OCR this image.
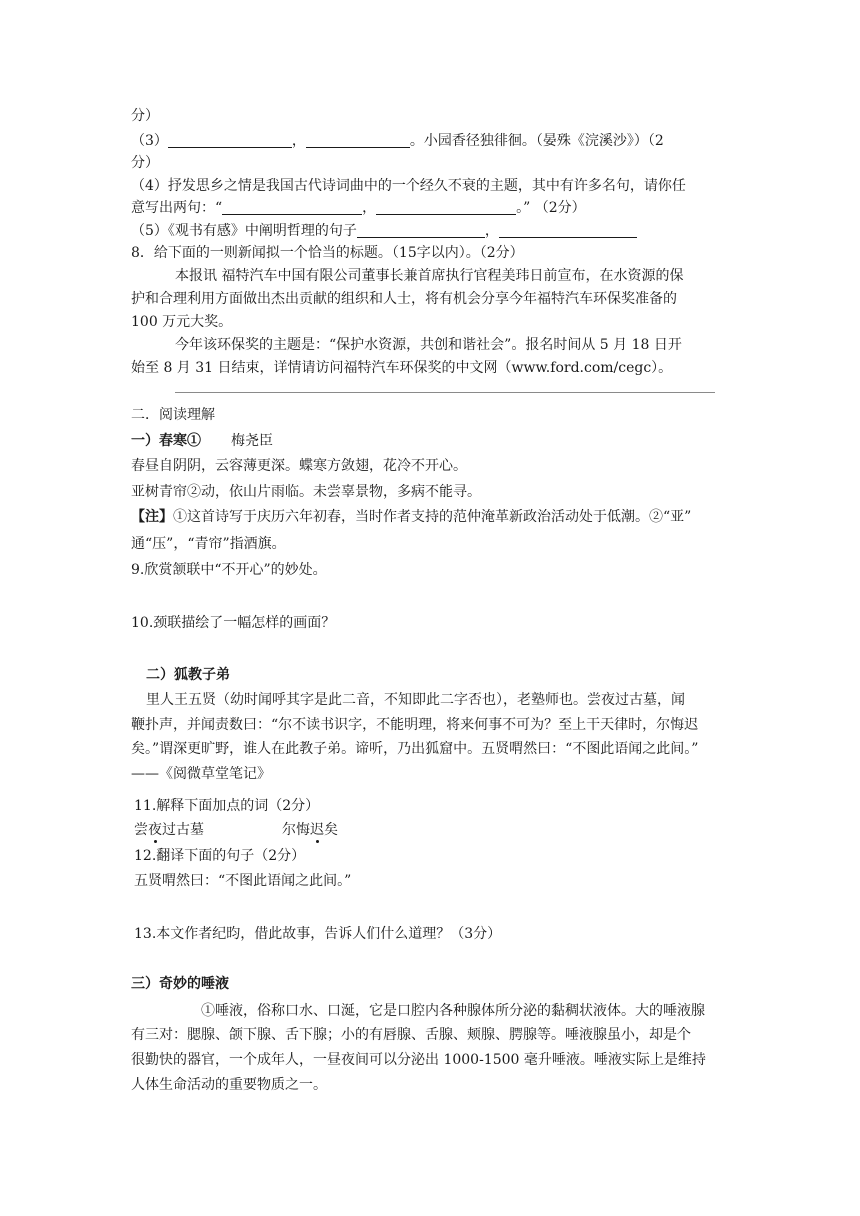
分）
（3）	，	。小园香径独徘徊。（晏殊《浣溪沙》）（2
分）
（4）抒发思乡之情是我国古代诗词曲中的一个经久不衰的主题，其中有许多名句，请你任
意写出两句：“	，	。” （2分）
（5）《观书有感》中阐明哲理的句子	，
8．给下面的一则新闻拟一个恰当的标题。（15字以内）。（2分）
本报讯 福特汽车中国有限公司董事长兼首席执行官程美玮日前宣布，在水资源的保
护和合理利用方面做出杰出贡献的组织和人士，将有机会分享今年福特汽车环保奖准备的
100 万元大奖。
今年该环保奖的主题是：“保护水资源，共创和谐社会”。报名时间从 5 月 18 日开
始至 8 月 31 日结束，详情请访问福特汽车环保奖的中文网（www.ford.com/cegc）。
二．阅读理解
一）春寒① 梅尧臣
春昼自阴阴，云容薄更深。蝶寒方敛翅，花冷不开心。
亚树青帘②动，依山片雨临。未尝辜景物，多病不能寻。
【注】①这首诗写于庆历六年初春，当时作者支持的范仲淹革新政治活动处于低潮。②“亚”
通“压”，“青帘”指酒旗。
9.欣赏颔联中“不开心”的妙处。
10.颈联描绘了一幅怎样的画面？
二）狐教子弟
里人王五贤（幼时闻呼其字是此二音，不知即此二字否也），老塾师也。尝夜过古墓，闻
鞭扑声，并闻责数曰：“尔不读书识字，不能明理，将来何事不可为？至上干天律时，尔悔迟
矣。”谓深更旷野，谁人在此教子弟。谛听，乃出狐窟中。五贤喟然曰：“不图此语闻之此间。”
——《阅微草堂笔记》
11.解释下面加点的词（2分）
尝夜过古墓	尔悔迟矣
12.翻译下面的句子（2分）
五贤喟然曰：“不图此语闻之此间。”
13.本文作者纪昀，借此故事，告诉人们什么道理？（3分）
三）奇妙的唾液
①唾液，俗称口水、口涎，它是口腔内各种腺体所分泌的黏稠状液体。大的唾液腺
有三对：腮腺、颌下腺、舌下腺；小的有唇腺、舌腺、颊腺、腭腺等。唾液腺虽小，却是个
很勤快的器官，一个成年人，一昼夜间可以分泌出 1000-1500 毫升唾液。唾液实际上是维持
人体生命活动的重要物质之一。
